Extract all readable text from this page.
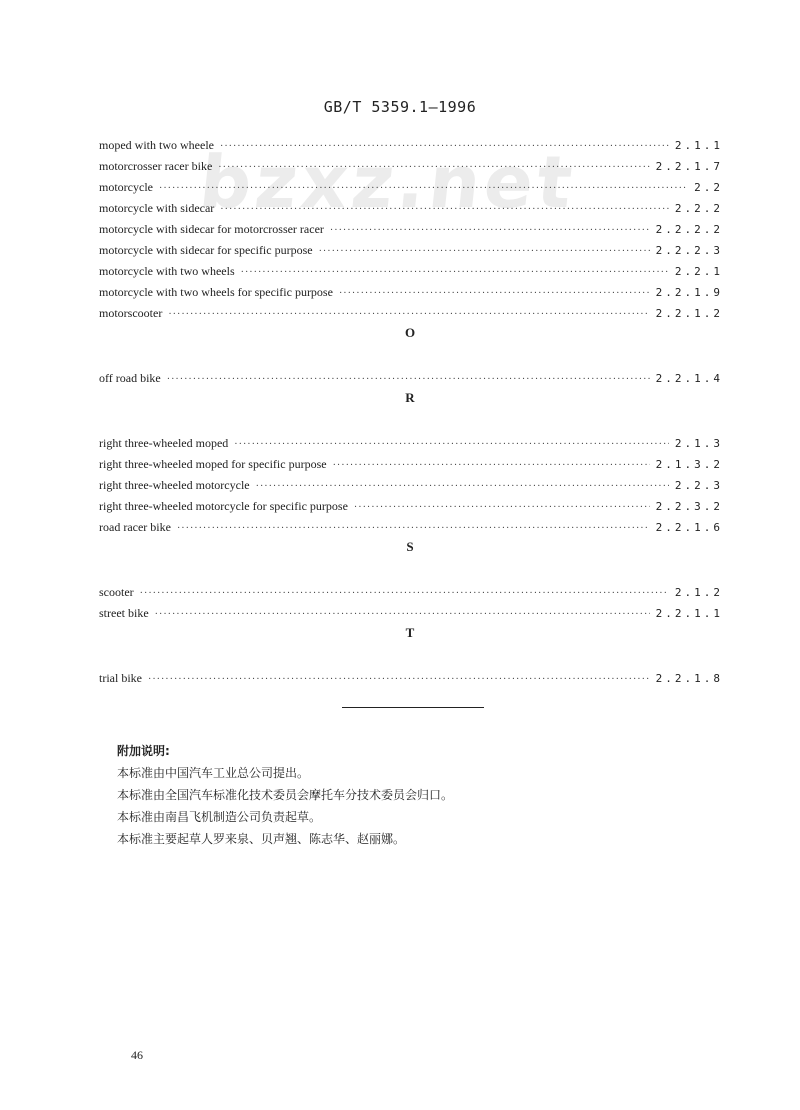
GB/T 5359.1—1996
bzxz.net
moped with two wheele ·····	2.1.1
motorcrosser racer bike ·····	2.2.1.7
motorcycle ·····	2.2
motorcycle with sidecar ·····	2.2.2
motorcycle with sidecar for motorcrosser racer ·····	2.2.2.2
motorcycle with sidecar for specific purpose ·····	2.2.2.3
motorcycle with two wheels ·····	2.2.1
motorcycle with two wheels for specific purpose ·····	2.2.1.9
motorscooter ·····	2.2.1.2
off road bike ·····	2.2.1.4
right three-wheeled moped ·····	2.1.3
right three-wheeled moped for specific purpose ·····	2.1.3.2
right three-wheeled motorcycle ·····	2.2.3
right three-wheeled motorcycle for specific purpose ·····	2.2.3.2
road racer bike ·····	2.2.1.6
scooter ·····	2.1.2
street bike ·····	2.2.1.1
trial bike ·····	2.2.1.8
附加说明:
本标准由中国汽车工业总公司提出。
本标准由全国汽车标准化技术委员会摩托车分技术委员会归口。
本标准由南昌飞机制造公司负责起草。
本标准主要起草人罗来泉、贝声翘、陈志华、赵丽娜。
46
O
R
S
T
